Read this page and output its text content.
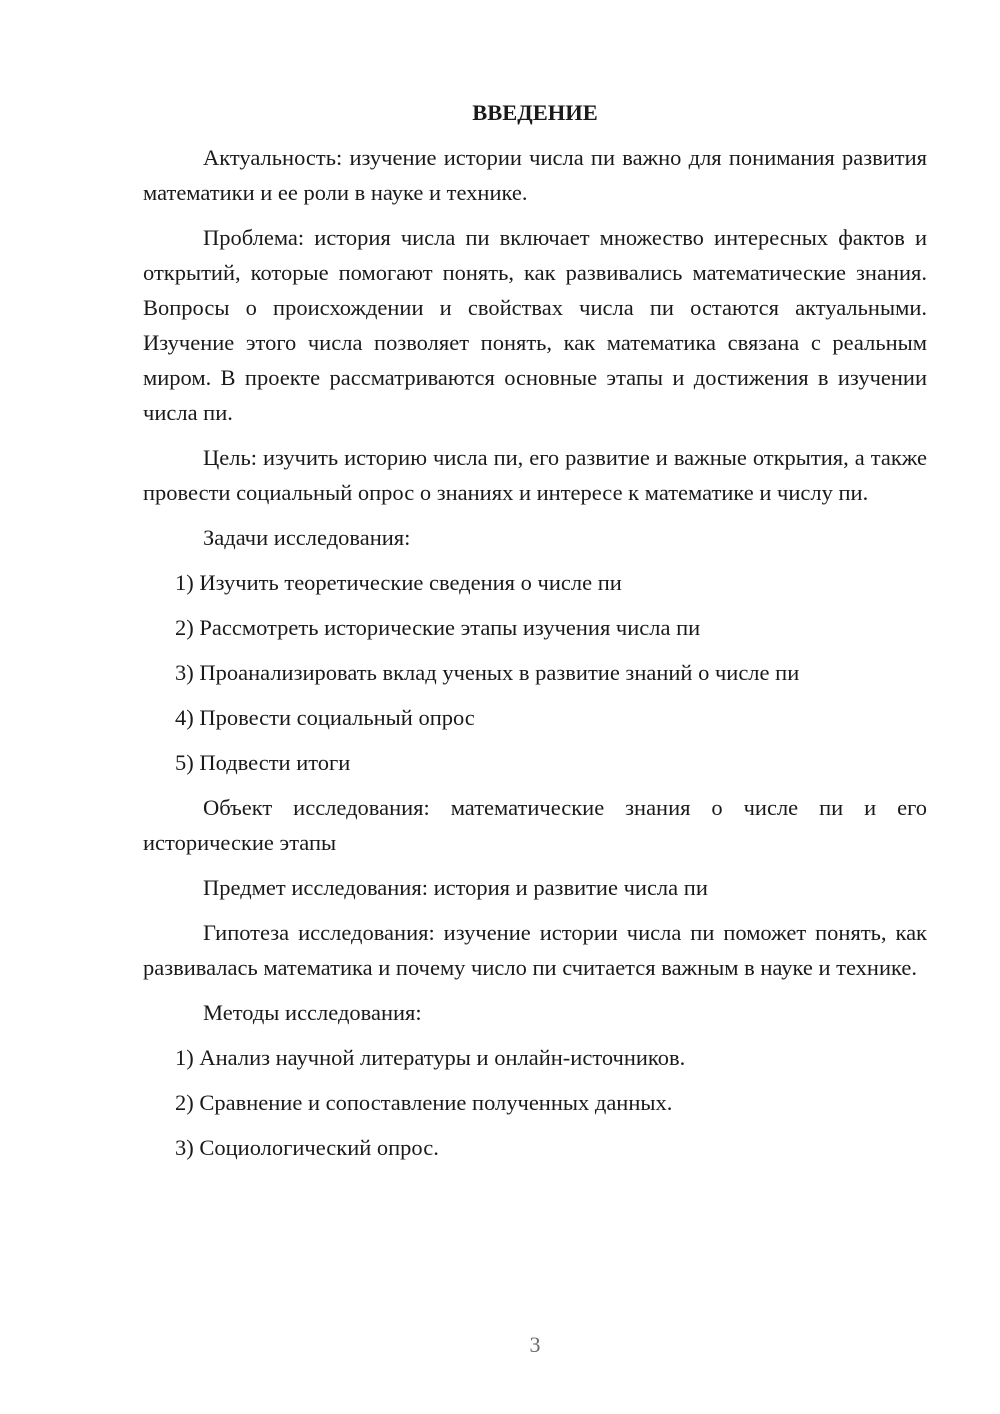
ВВЕДЕНИЕ

Актуальность: изучение истории числа пи важно для понимания развития математики и ее роли в науке и технике.

Проблема: история числа пи включает множество интересных фактов и открытий, которые помогают понять, как развивались математические знания. Вопросы о происхождении и свойствах числа пи остаются актуальными. Изучение этого числа позволяет понять, как математика связана с реальным миром. В проекте рассматриваются основные этапы и достижения в изучении числа пи.

Цель: изучить историю числа пи, его развитие и важные открытия, а также провести социальный опрос о знаниях и интересе к математике и числу пи.

Задачи исследования:

1) Изучить теоретические сведения о числе пи
2) Рассмотреть исторические этапы изучения числа пи
3) Проанализировать вклад ученых в развитие знаний о числе пи
4) Провести социальный опрос
5) Подвести итоги

Объект исследования: математические знания о числе пи и его исторические этапы

Предмет исследования: история и развитие числа пи

Гипотеза исследования: изучение истории числа пи поможет понять, как развивалась математика и почему число пи считается важным в науке и технике.

Методы исследования:

1) Анализ научной литературы и онлайн-источников.
2) Сравнение и сопоставление полученных данных.
3) Социологический опрос.
3
